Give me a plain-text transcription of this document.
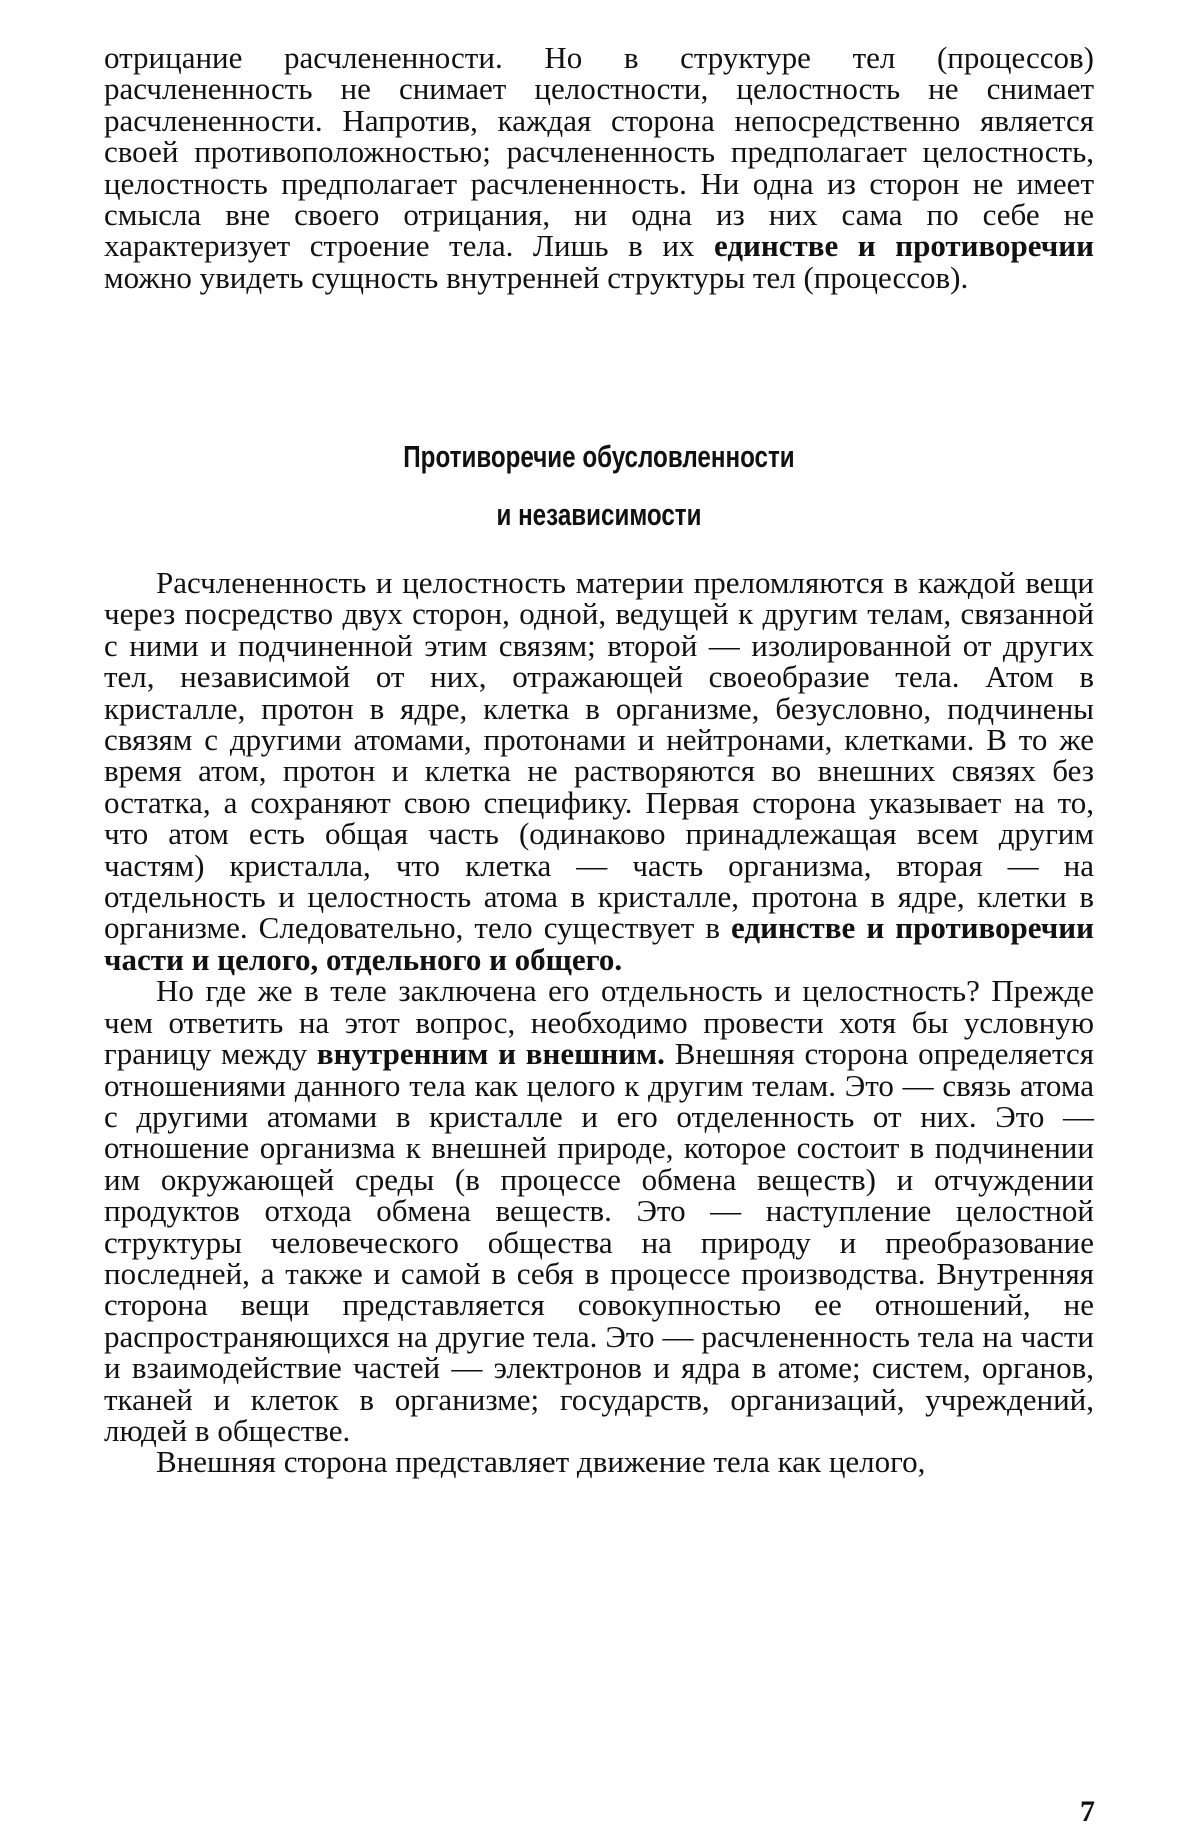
отрицание расчлененности. Но в структуре тел (процессов) расчлененность не снимает целостности, целостность не снимает расчлененности. Напротив, каждая сторона непосредственно является своей противоположностью; расчлененность предполагает целостность, целостность предполагает расчлененность. Ни одна из сторон не имеет смысла вне своего отрицания, ни одна из них сама по себе не характеризует строение тела. Лишь в их единстве и противоречии можно увидеть сущность внутренней структуры тел (процессов).

Противоречие обусловленности
и независимости

Расчлененность и целостность материи преломляются в каждой вещи через посредство двух сторон, одной, ведущей к другим телам, связанной с ними и подчиненной этим связям; второй — изолированной от других тел, независимой от них, отражающей своеобразие тела. Атом в кристалле, протон в ядре, клетка в организме, безусловно, подчинены связям с другими атомами, протонами и нейтронами, клетками. В то же время атом, протон и клетка не растворяются во внешних связях без остатка, а сохраняют свою специфику. Первая сторона указывает на то, что атом есть общая часть (одинаково принадлежащая всем другим частям) кристалла, что клетка — часть организма, вторая — на отдельность и целостность атома в кристалле, протона в ядре, клетки в организме. Следовательно, тело существует в единстве и противоречии части и целого, отдельного и общего.

Но где же в теле заключена его отдельность и целостность? Прежде чем ответить на этот вопрос, необходимо провести хотя бы условную границу между внутренним и внешним. Внешняя сторона определяется отношениями данного тела как целого к другим телам. Это — связь атома с другими атомами в кристалле и его отделенность от них. Это — отношение организма к внешней природе, которое состоит в подчинении им окружающей среды (в процессе обмена веществ) и отчуждении продуктов отхода обмена веществ. Это — наступление целостной структуры человеческого общества на природу и преобразование последней, а также и самой в себя в процессе производства. Внутренняя сторона вещи представляется совокупностью ее отношений, не распространяющихся на другие тела. Это — расчлененность тела на части и взаимодействие частей — электронов и ядра в атоме; систем, органов, тканей и клеток в организме; государств, организаций, учреждений, людей в обществе.

Внешняя сторона представляет движение тела как целого,

7
